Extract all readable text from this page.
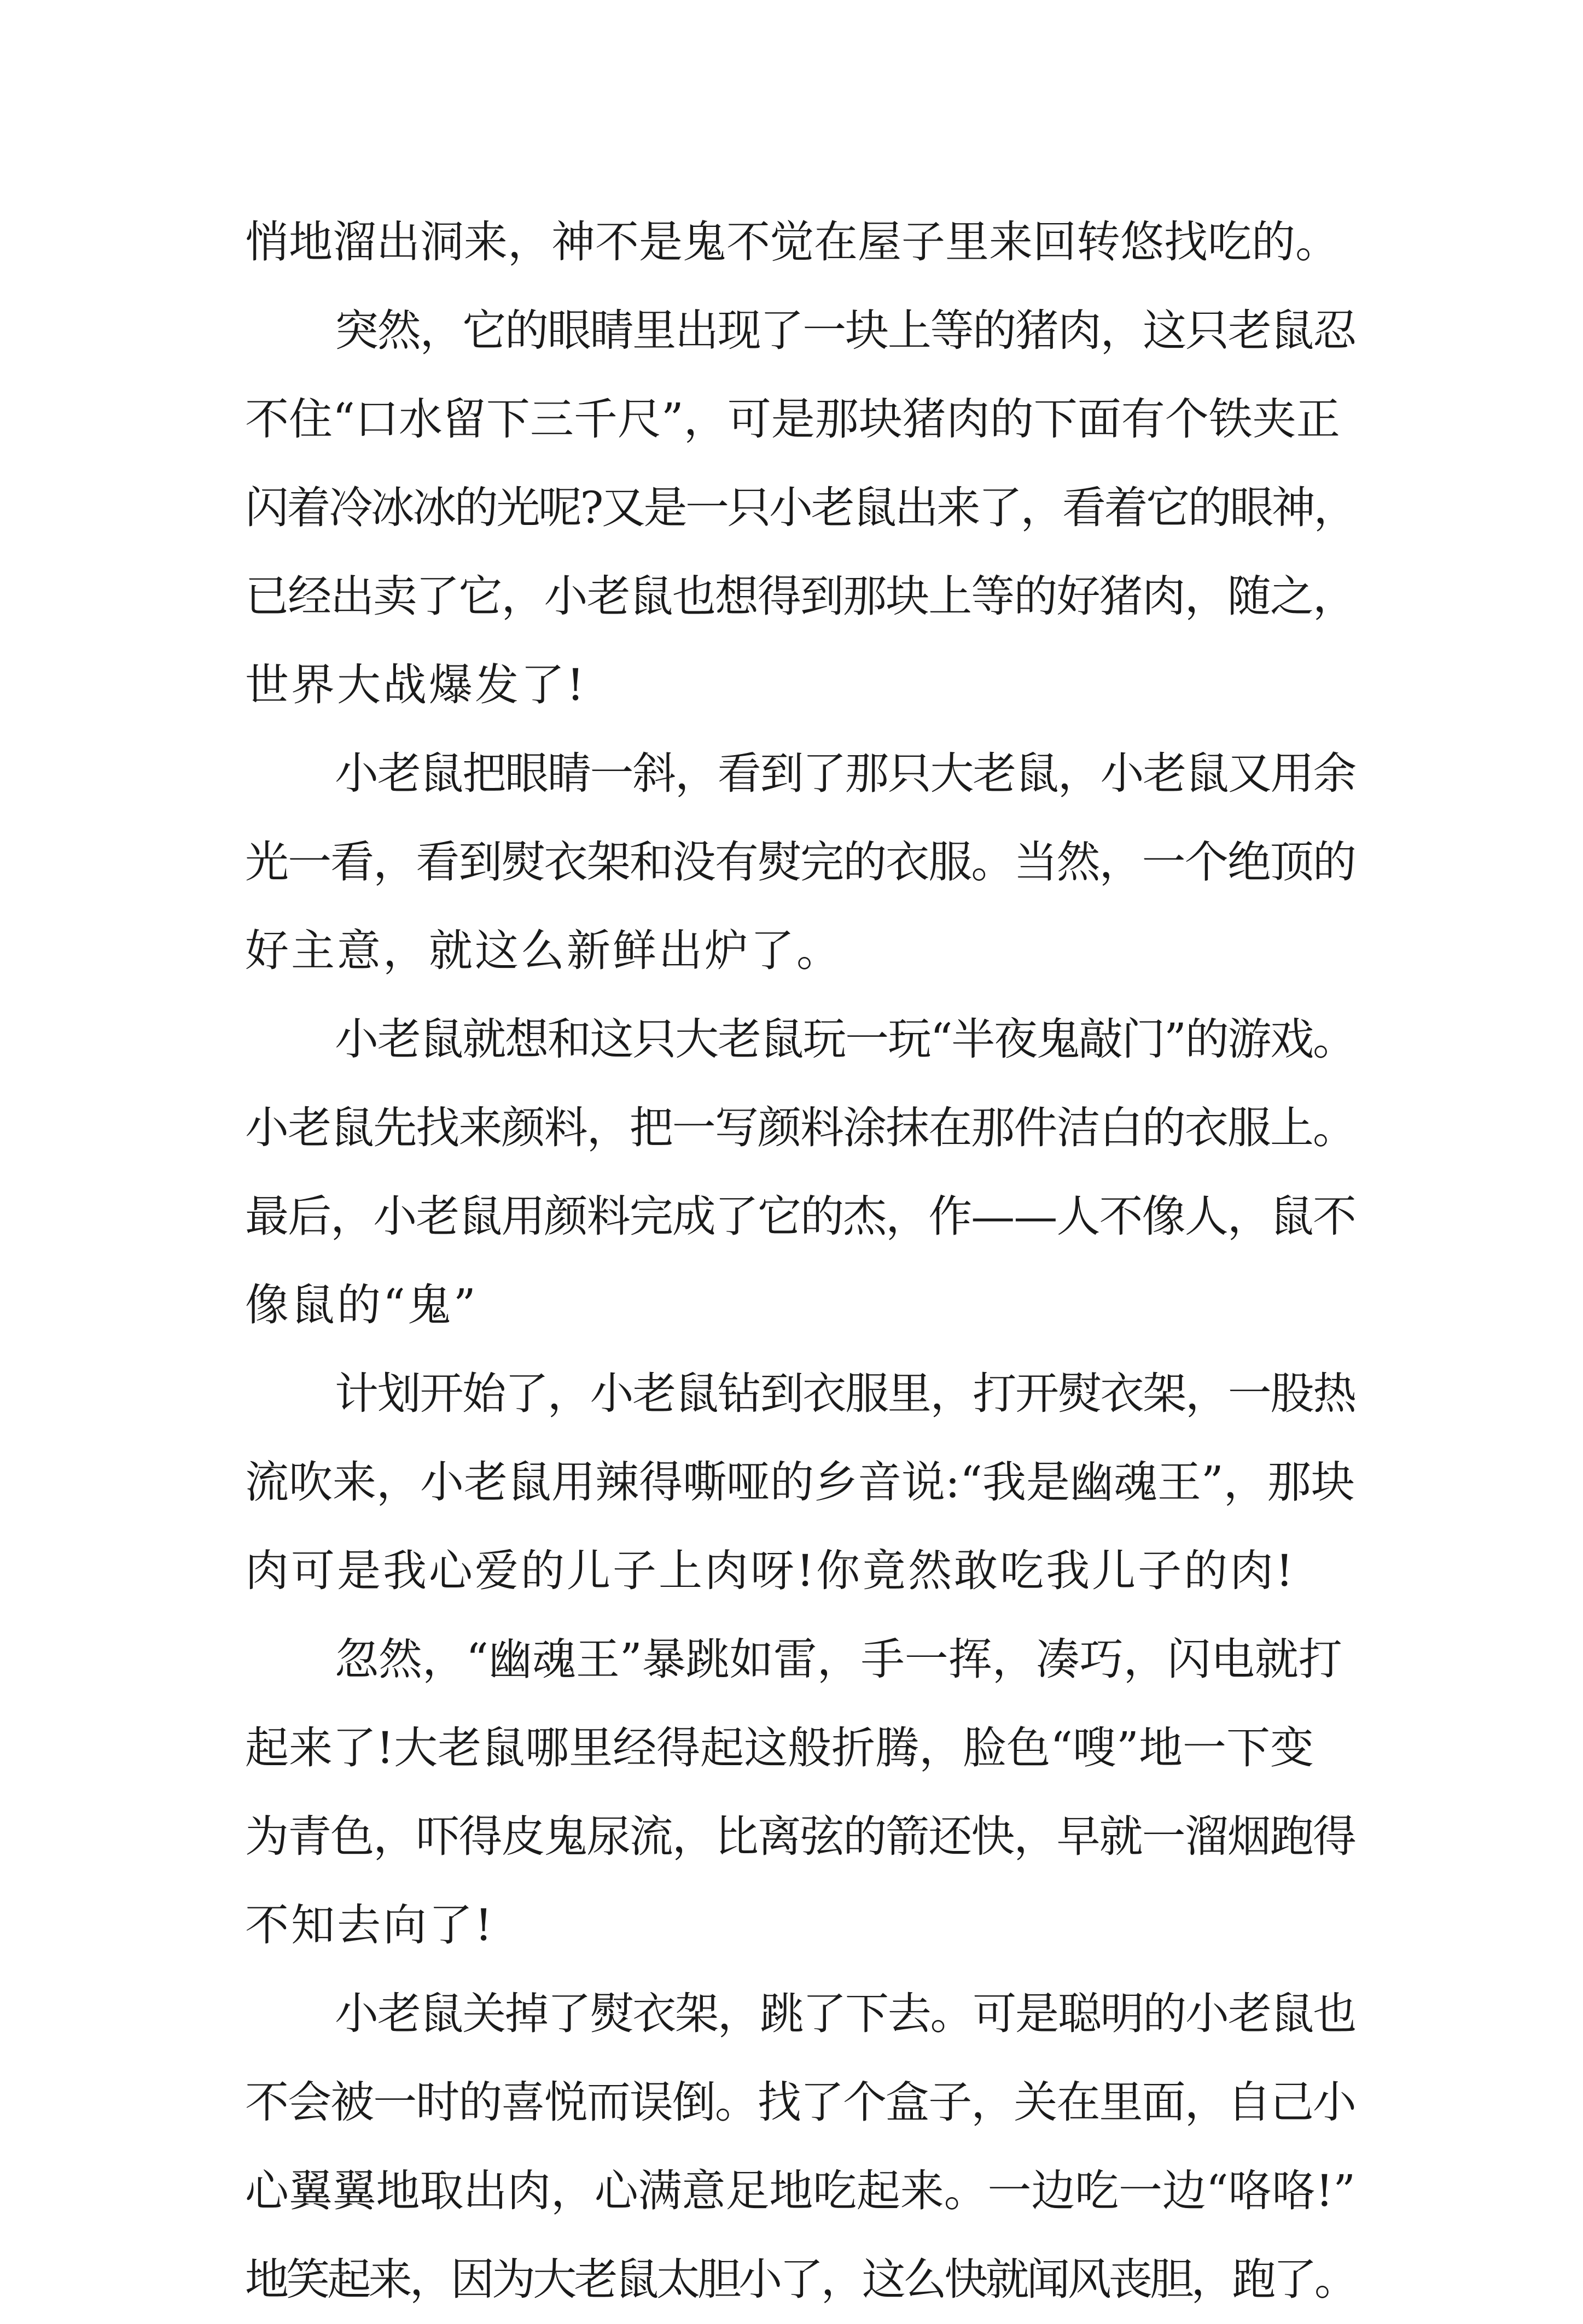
悄地溜出洞来，神不是鬼不觉在屋子里来回转悠找吃的。

突然，它的眼睛里出现了一块上等的猪肉，这只老鼠忍
不住“口水留下三千尺”，可是那块猪肉的下面有个铁夹正
闪着冷冰冰的光呢?又是一只小老鼠出来了，看着它的眼神，
已经出卖了它，小老鼠也想得到那块上等的好猪肉，随之，
世界大战爆发了!

小老鼠把眼睛一斜，看到了那只大老鼠，小老鼠又用余
光一看，看到熨衣架和没有熨完的衣服。当然，一个绝顶的
好主意，就这么新鲜出炉了。

小老鼠就想和这只大老鼠玩一玩“半夜鬼敲门”的游戏。
小老鼠先找来颜料，把一写颜料涂抹在那件洁白的衣服上。
最后，小老鼠用颜料完成了它的杰，作——人不像人，鼠不
像鼠的“鬼”

计划开始了，小老鼠钻到衣服里，打开熨衣架，一股热
流吹来，小老鼠用辣得嘶哑的乡音说:“我是幽魂王”，那块
肉可是我心爱的儿子上肉呀!你竟然敢吃我儿子的肉!

忽然，“幽魂王”暴跳如雷，手一挥，凑巧，闪电就打
起来了!大老鼠哪里经得起这般折腾，脸色“嗖”地一下变
为青色，吓得皮鬼尿流，比离弦的箭还快，早就一溜烟跑得
不知去向了!

小老鼠关掉了熨衣架，跳了下去。可是聪明的小老鼠也
不会被一时的喜悦而误倒。找了个盒子，关在里面，自己小
心翼翼地取出肉，心满意足地吃起来。一边吃一边“咯咯!”
地笑起来，因为大老鼠太胆小了，这么快就闻风丧胆，跑了。
